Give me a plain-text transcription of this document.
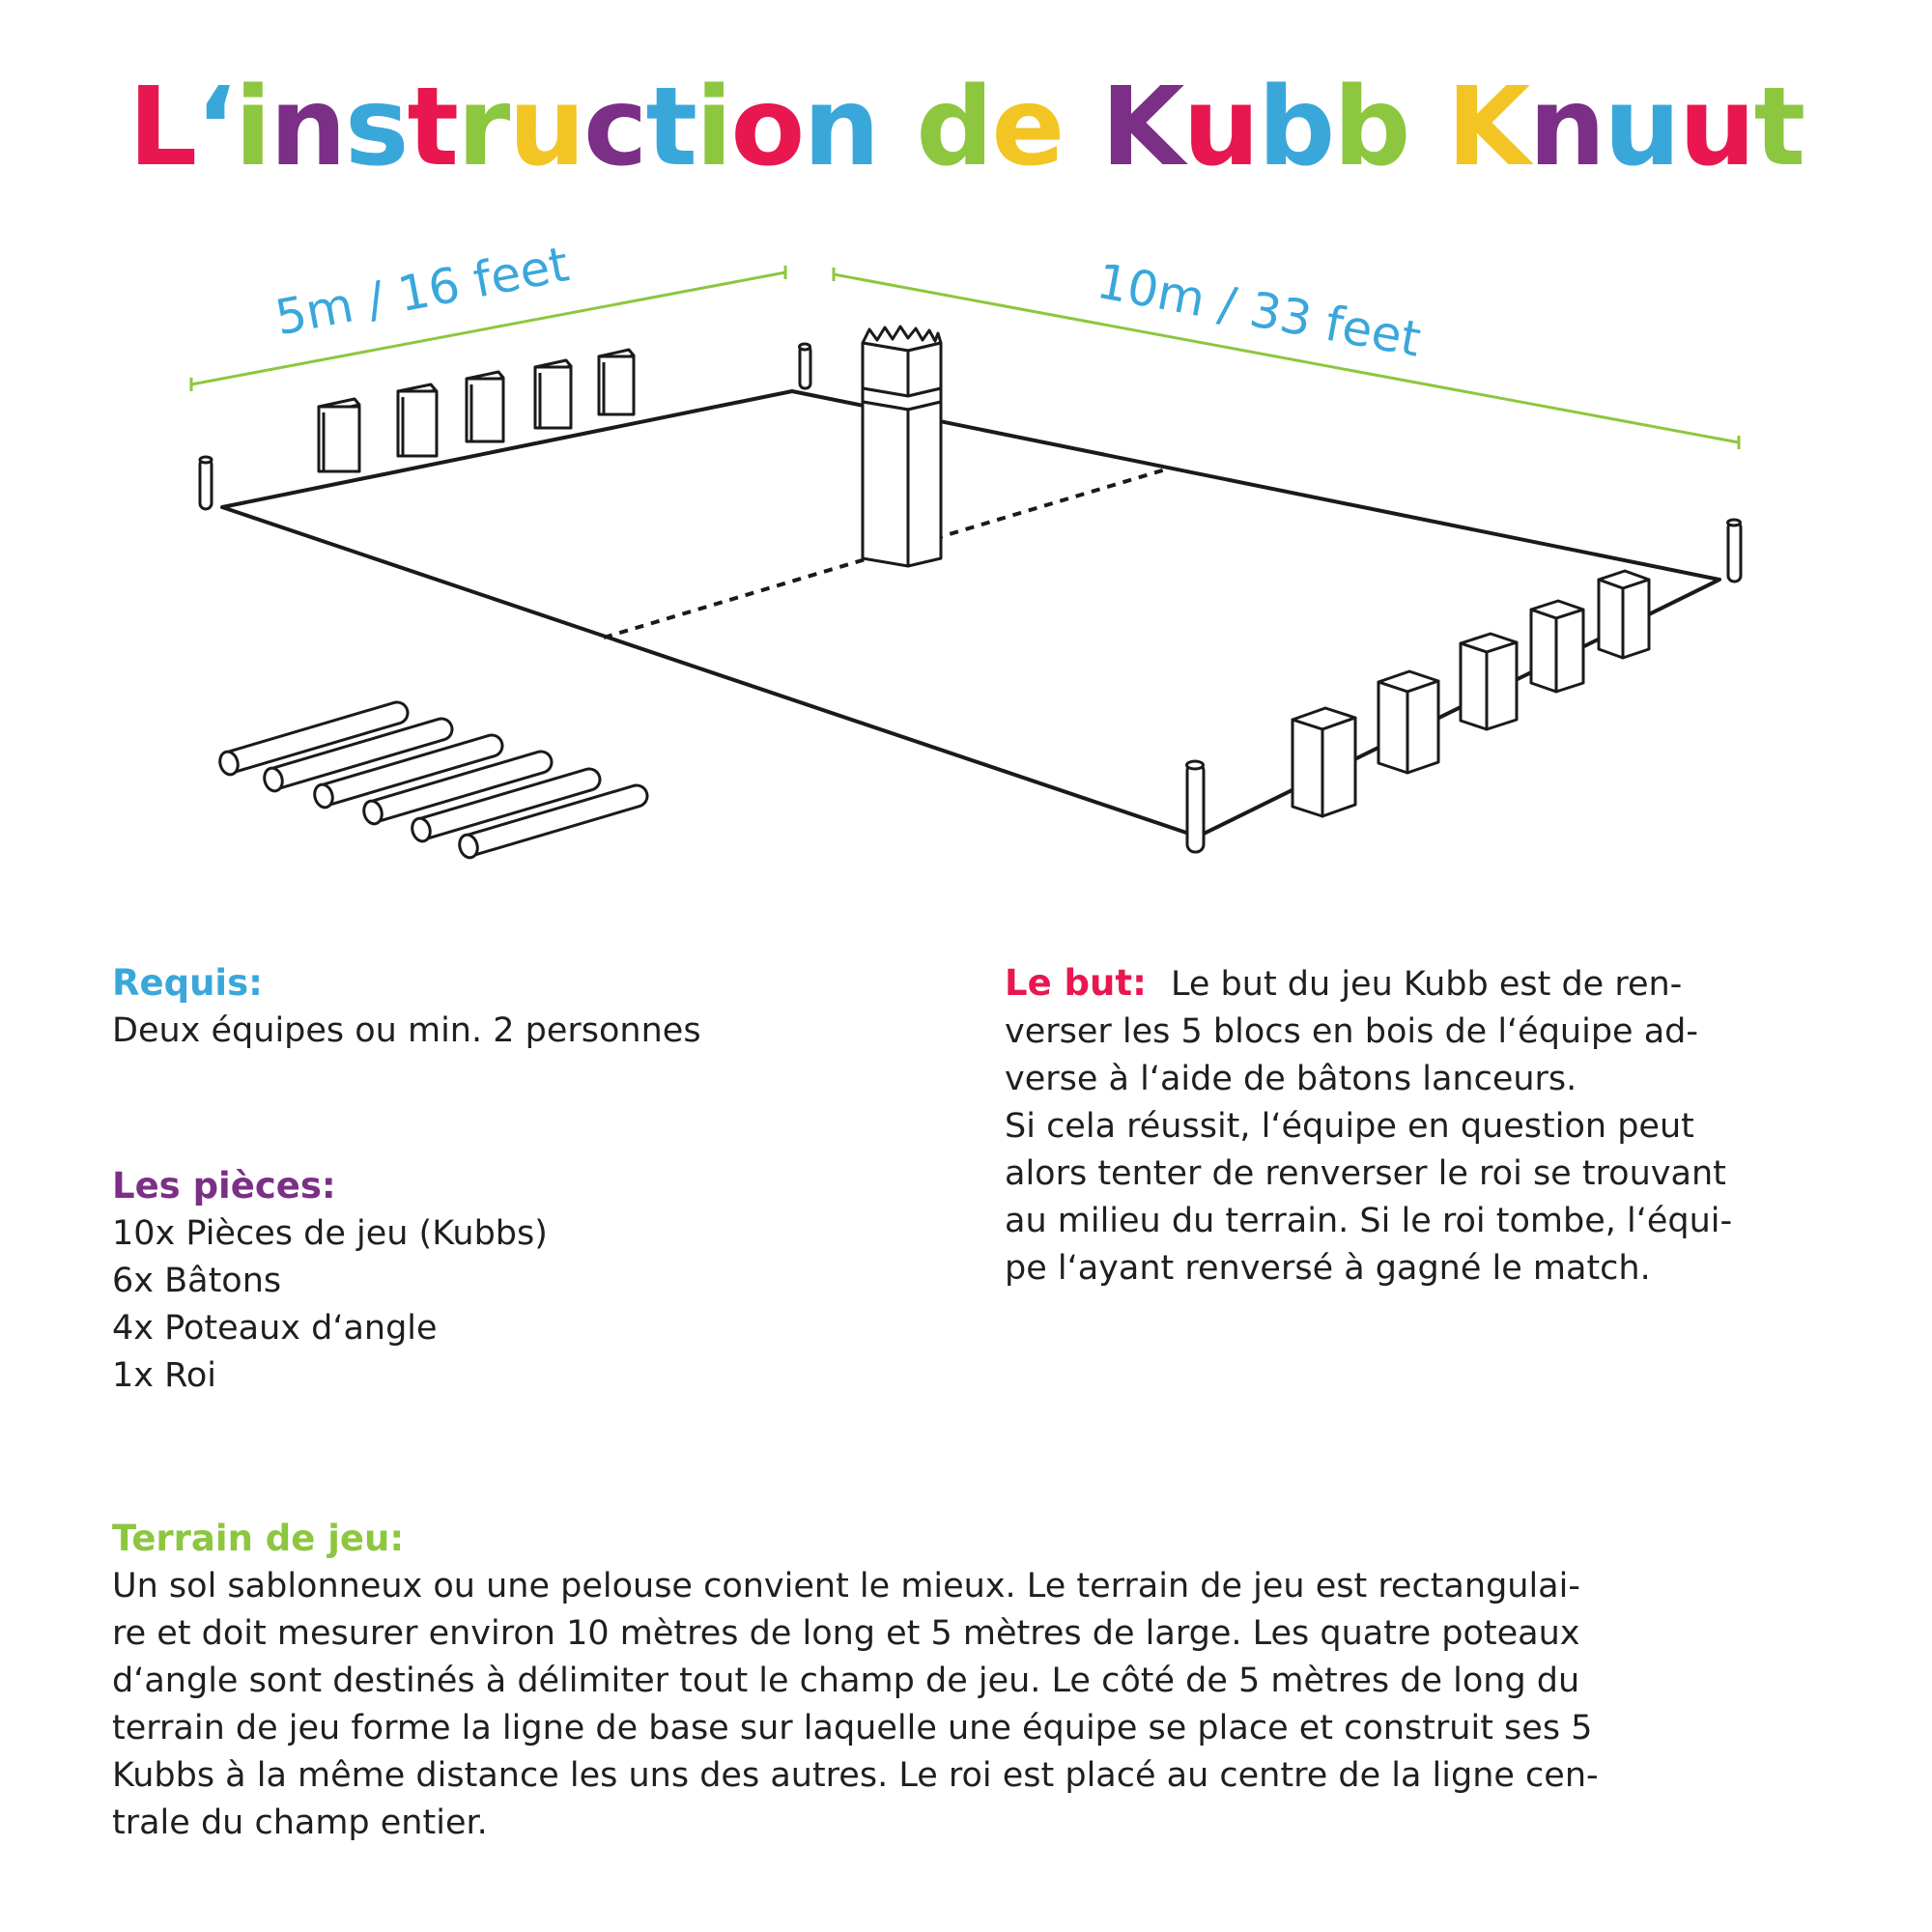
L‘instruction de Kubb Knuut
5m / 16 feet	10m / 33 feet
Requis:
Deux équipes ou min. 2 personnes
Les pièces:
10x Pièces de jeu (Kubbs)
6x Bâtons
4x Poteaux d‘angle
1x Roi
Le but: Le but du jeu Kubb est de ren-
verser les 5 blocs en bois de l‘équipe ad-
verse à l‘aide de bâtons lanceurs.
Si cela réussit, l‘équipe en question peut
alors tenter de renverser le roi se trouvant
au milieu du terrain. Si le roi tombe, l‘équi-
pe l‘ayant renversé à gagné le match.
Terrain de jeu:
Un sol sablonneux ou une pelouse convient le mieux. Le terrain de jeu est rectangulai-
re et doit mesurer environ 10 mètres de long et 5 mètres de large. Les quatre poteaux
d‘angle sont destinés à délimiter tout le champ de jeu. Le côté de 5 mètres de long du
terrain de jeu forme la ligne de base sur laquelle une équipe se place et construit ses 5
Kubbs à la même distance les uns des autres. Le roi est placé au centre de la ligne cen-
trale du champ entier.
